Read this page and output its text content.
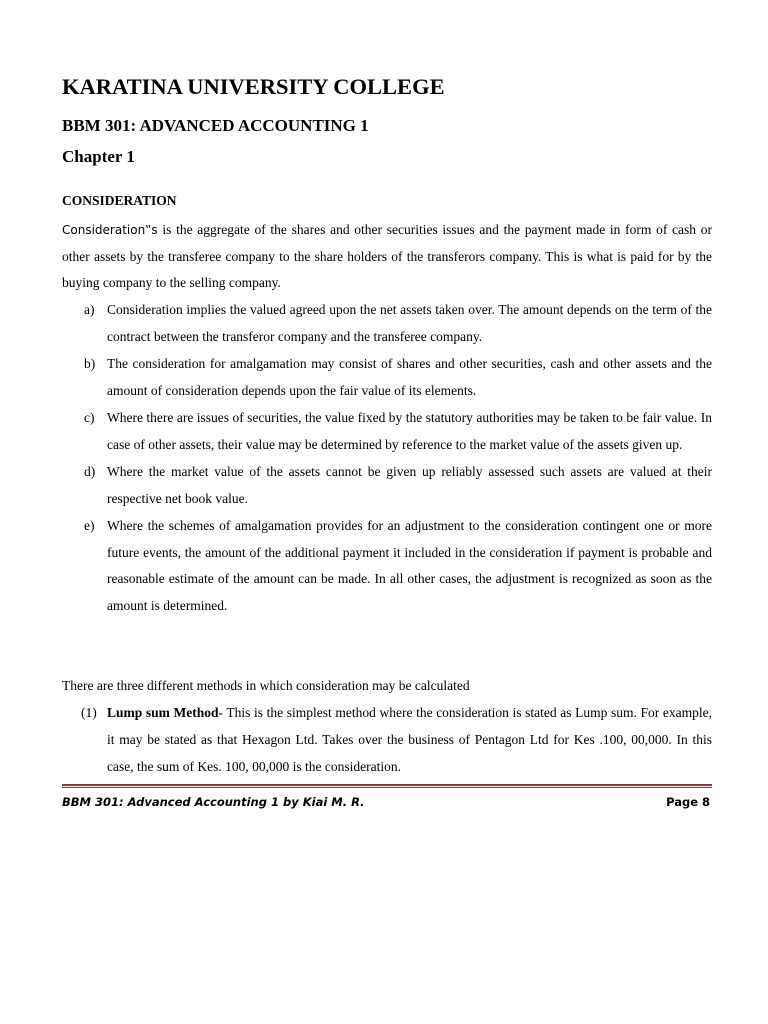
KARATINA UNIVERSITY COLLEGE
BBM 301: ADVANCED ACCOUNTING 1
Chapter 1
CONSIDERATION

Consideration‟s is the aggregate of the shares and other securities issues and the payment made in form of cash or other assets by the transferee company to the share holders of the transferors company. This is what is paid for by the buying company to the selling company.

a) Consideration implies the valued agreed upon the net assets taken over. The amount depends on the term of the contract between the transferor company and the transferee company.
b) The consideration for amalgamation may consist of shares and other securities, cash and other assets and the amount of consideration depends upon the fair value of its elements.
c) Where there are issues of securities, the value fixed by the statutory authorities may be taken to be fair value. In case of other assets, their value may be determined by reference to the market value of the assets given up.
d) Where the market value of the assets cannot be given up reliably assessed such assets are valued at their respective net book value.
e) Where the schemes of amalgamation provides for an adjustment to the consideration contingent one or more future events, the amount of the additional payment it included in the consideration if payment is probable and reasonable estimate of the amount can be made. In all other cases, the adjustment is recognized as soon as the amount is determined.
There are three different methods in which consideration may be calculated
(1) Lump sum Method- This is the simplest method where the consideration is stated as Lump sum. For example, it may be stated as that Hexagon Ltd. Takes over the business of Pentagon Ltd for Kes .100, 00,000. In this case, the sum of Kes. 100, 00,000 is the consideration.
BBM 301: Advanced Accounting 1 by Kiai M. R.	Page 8
